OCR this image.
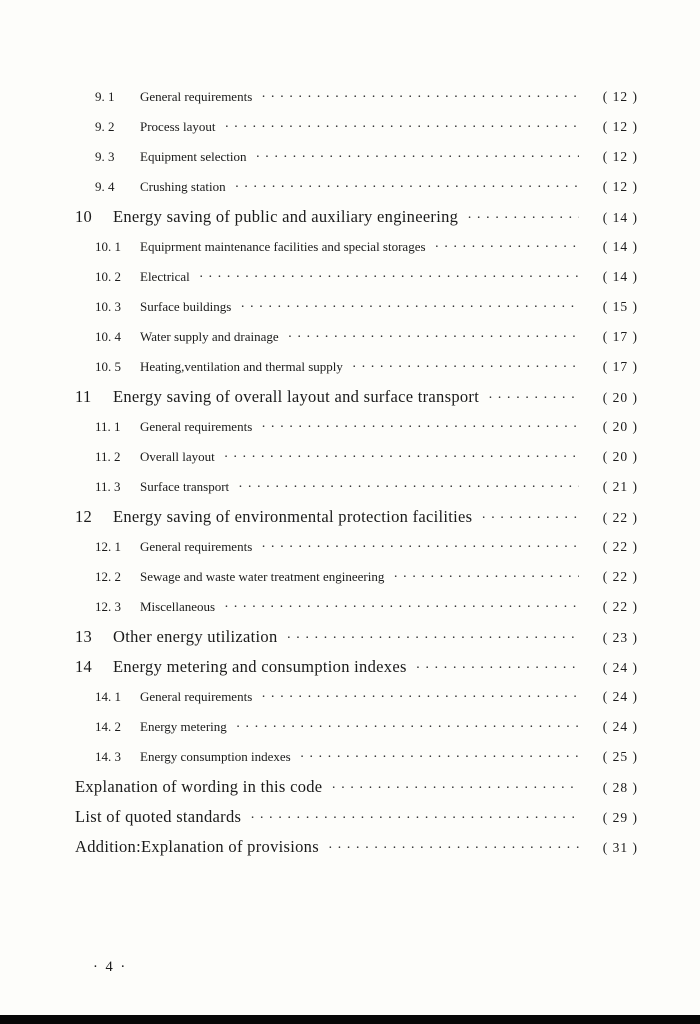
9. 1	General requirements ·····	( 12 )
9. 2	Process layout ·····	( 12 )
9. 3	Equipment selection ·····	( 12 )
9. 4	Crushing station ·····	( 12 )
10	Energy saving of public and auxiliary engineering ·····	( 14 )
10. 1	Equiprment maintenance facilities and special storages ·····	( 14 )
10. 2	Electrical ·····	( 14 )
10. 3	Surface buildings ·····	( 15 )
10. 4	Water supply and drainage ·····	( 17 )
10. 5	Heating,ventilation and thermal supply ·····	( 17 )
11	Energy saving of overall layout and surface transport ·····	( 20 )
11. 1	General requirements ·····	( 20 )
11. 2	Overall layout ·····	( 20 )
11. 3	Surface transport ·····	( 21 )
12	Energy saving of environmental protection facilities ·····	( 22 )
12. 1	General requirements ·····	( 22 )
12. 2	Sewage and waste water treatment engineering ·····	( 22 )
12. 3	Miscellaneous ·····	( 22 )
13	Other energy utilization ·····	( 23 )
14	Energy metering and consumption indexes ·····	( 24 )
14. 1	General requirements ·····	( 24 )
14. 2	Energy metering ·····	( 24 )
14. 3	Energy consumption indexes ·····	( 25 )
Explanation of wording in this code ·····	( 28 )
List of quoted standards ·····	( 29 )
Addition:Explanation of provisions ·····	( 31 )
· 4 ·
